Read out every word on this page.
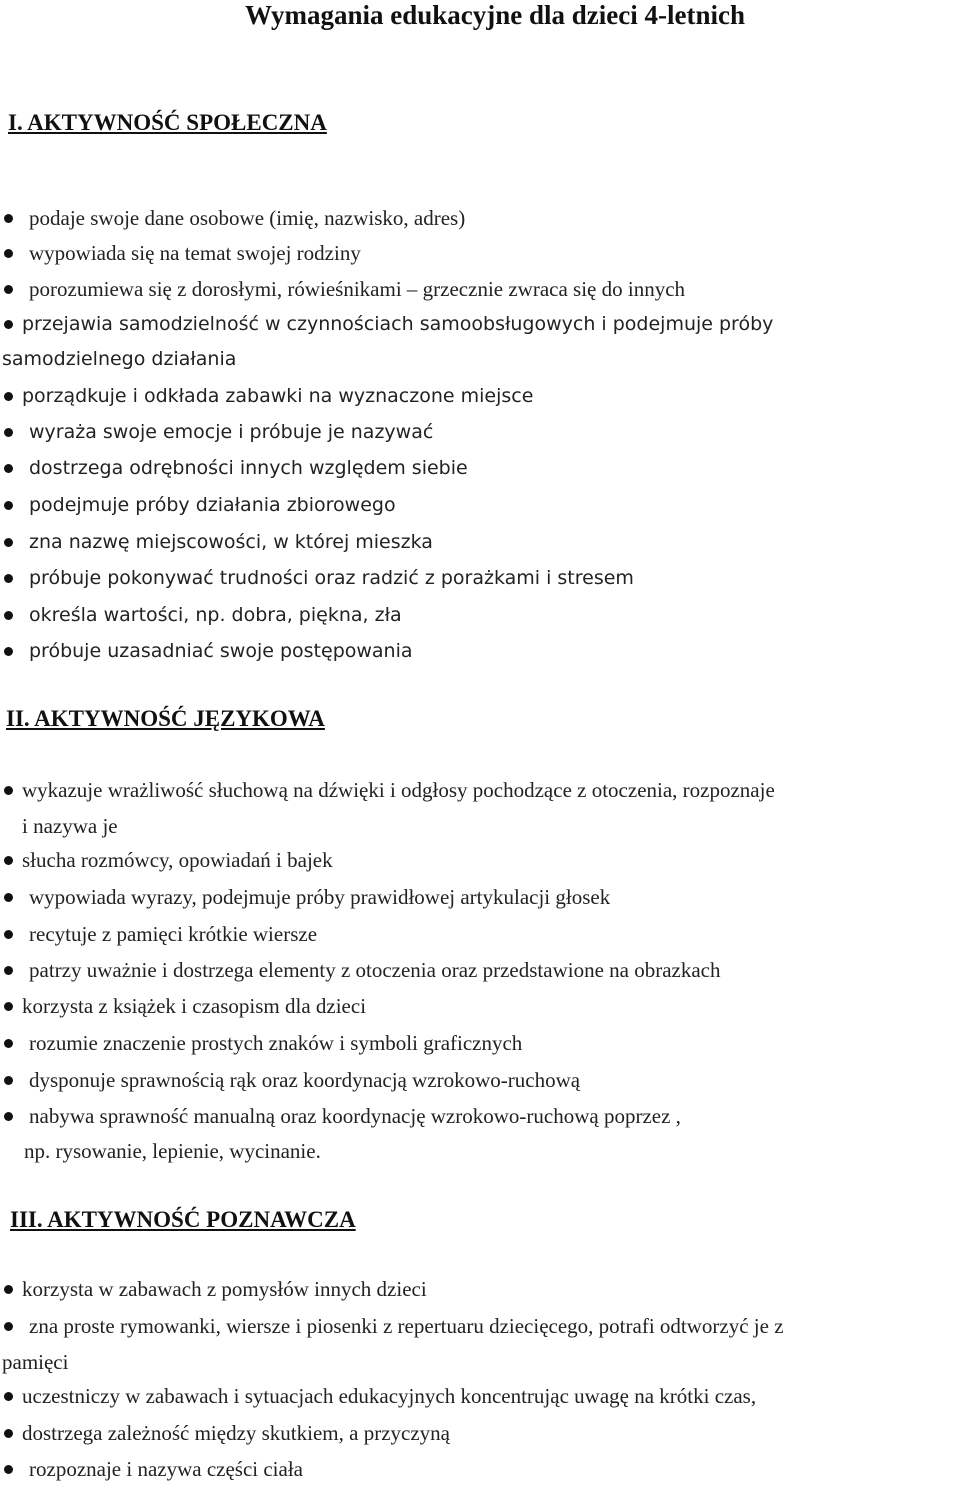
Wymagania edukacyjne dla dzieci 4-letnich
I. AKTYWNOŚĆ SPOŁECZNA
podaje swoje dane osobowe (imię, nazwisko, adres)
wypowiada się na temat swojej rodziny
porozumiewa się z dorosłymi, rówieśnikami – grzecznie zwraca się do innych
przejawia samodzielność w czynnościach samoobsługowych i podejmuje próby
samodzielnego działania
porządkuje i odkłada zabawki na wyznaczone miejsce
wyraża swoje emocje i próbuje je nazywać
dostrzega odrębności innych względem siebie
podejmuje próby działania zbiorowego
zna nazwę miejscowości, w której mieszka
próbuje pokonywać trudności oraz radzić z porażkami i stresem
określa wartości, np. dobra, piękna, zła
próbuje uzasadniać swoje postępowania
II. AKTYWNOŚĆ JĘZYKOWA
wykazuje wrażliwość słuchową na dźwięki i odgłosy pochodzące z otoczenia, rozpoznaje
i nazywa je
słucha rozmówcy, opowiadań i bajek
wypowiada wyrazy, podejmuje próby prawidłowej artykulacji głosek
recytuje z pamięci krótkie wiersze
patrzy uważnie i dostrzega elementy z otoczenia oraz przedstawione na obrazkach
korzysta z książek i czasopism dla dzieci
rozumie znaczenie prostych znaków i symboli graficznych
dysponuje sprawnością rąk oraz koordynacją wzrokowo-ruchową
nabywa sprawność manualną oraz koordynację wzrokowo-ruchową poprzez ,
np. rysowanie, lepienie, wycinanie.
III. AKTYWNOŚĆ POZNAWCZA
korzysta w zabawach z pomysłów innych dzieci
zna proste rymowanki, wiersze i piosenki z repertuaru dziecięcego, potrafi odtworzyć je z
pamięci
uczestniczy w zabawach i sytuacjach edukacyjnych koncentrując uwagę na krótki czas,
dostrzega zależność między skutkiem, a przyczyną
rozpoznaje i nazywa części ciała
